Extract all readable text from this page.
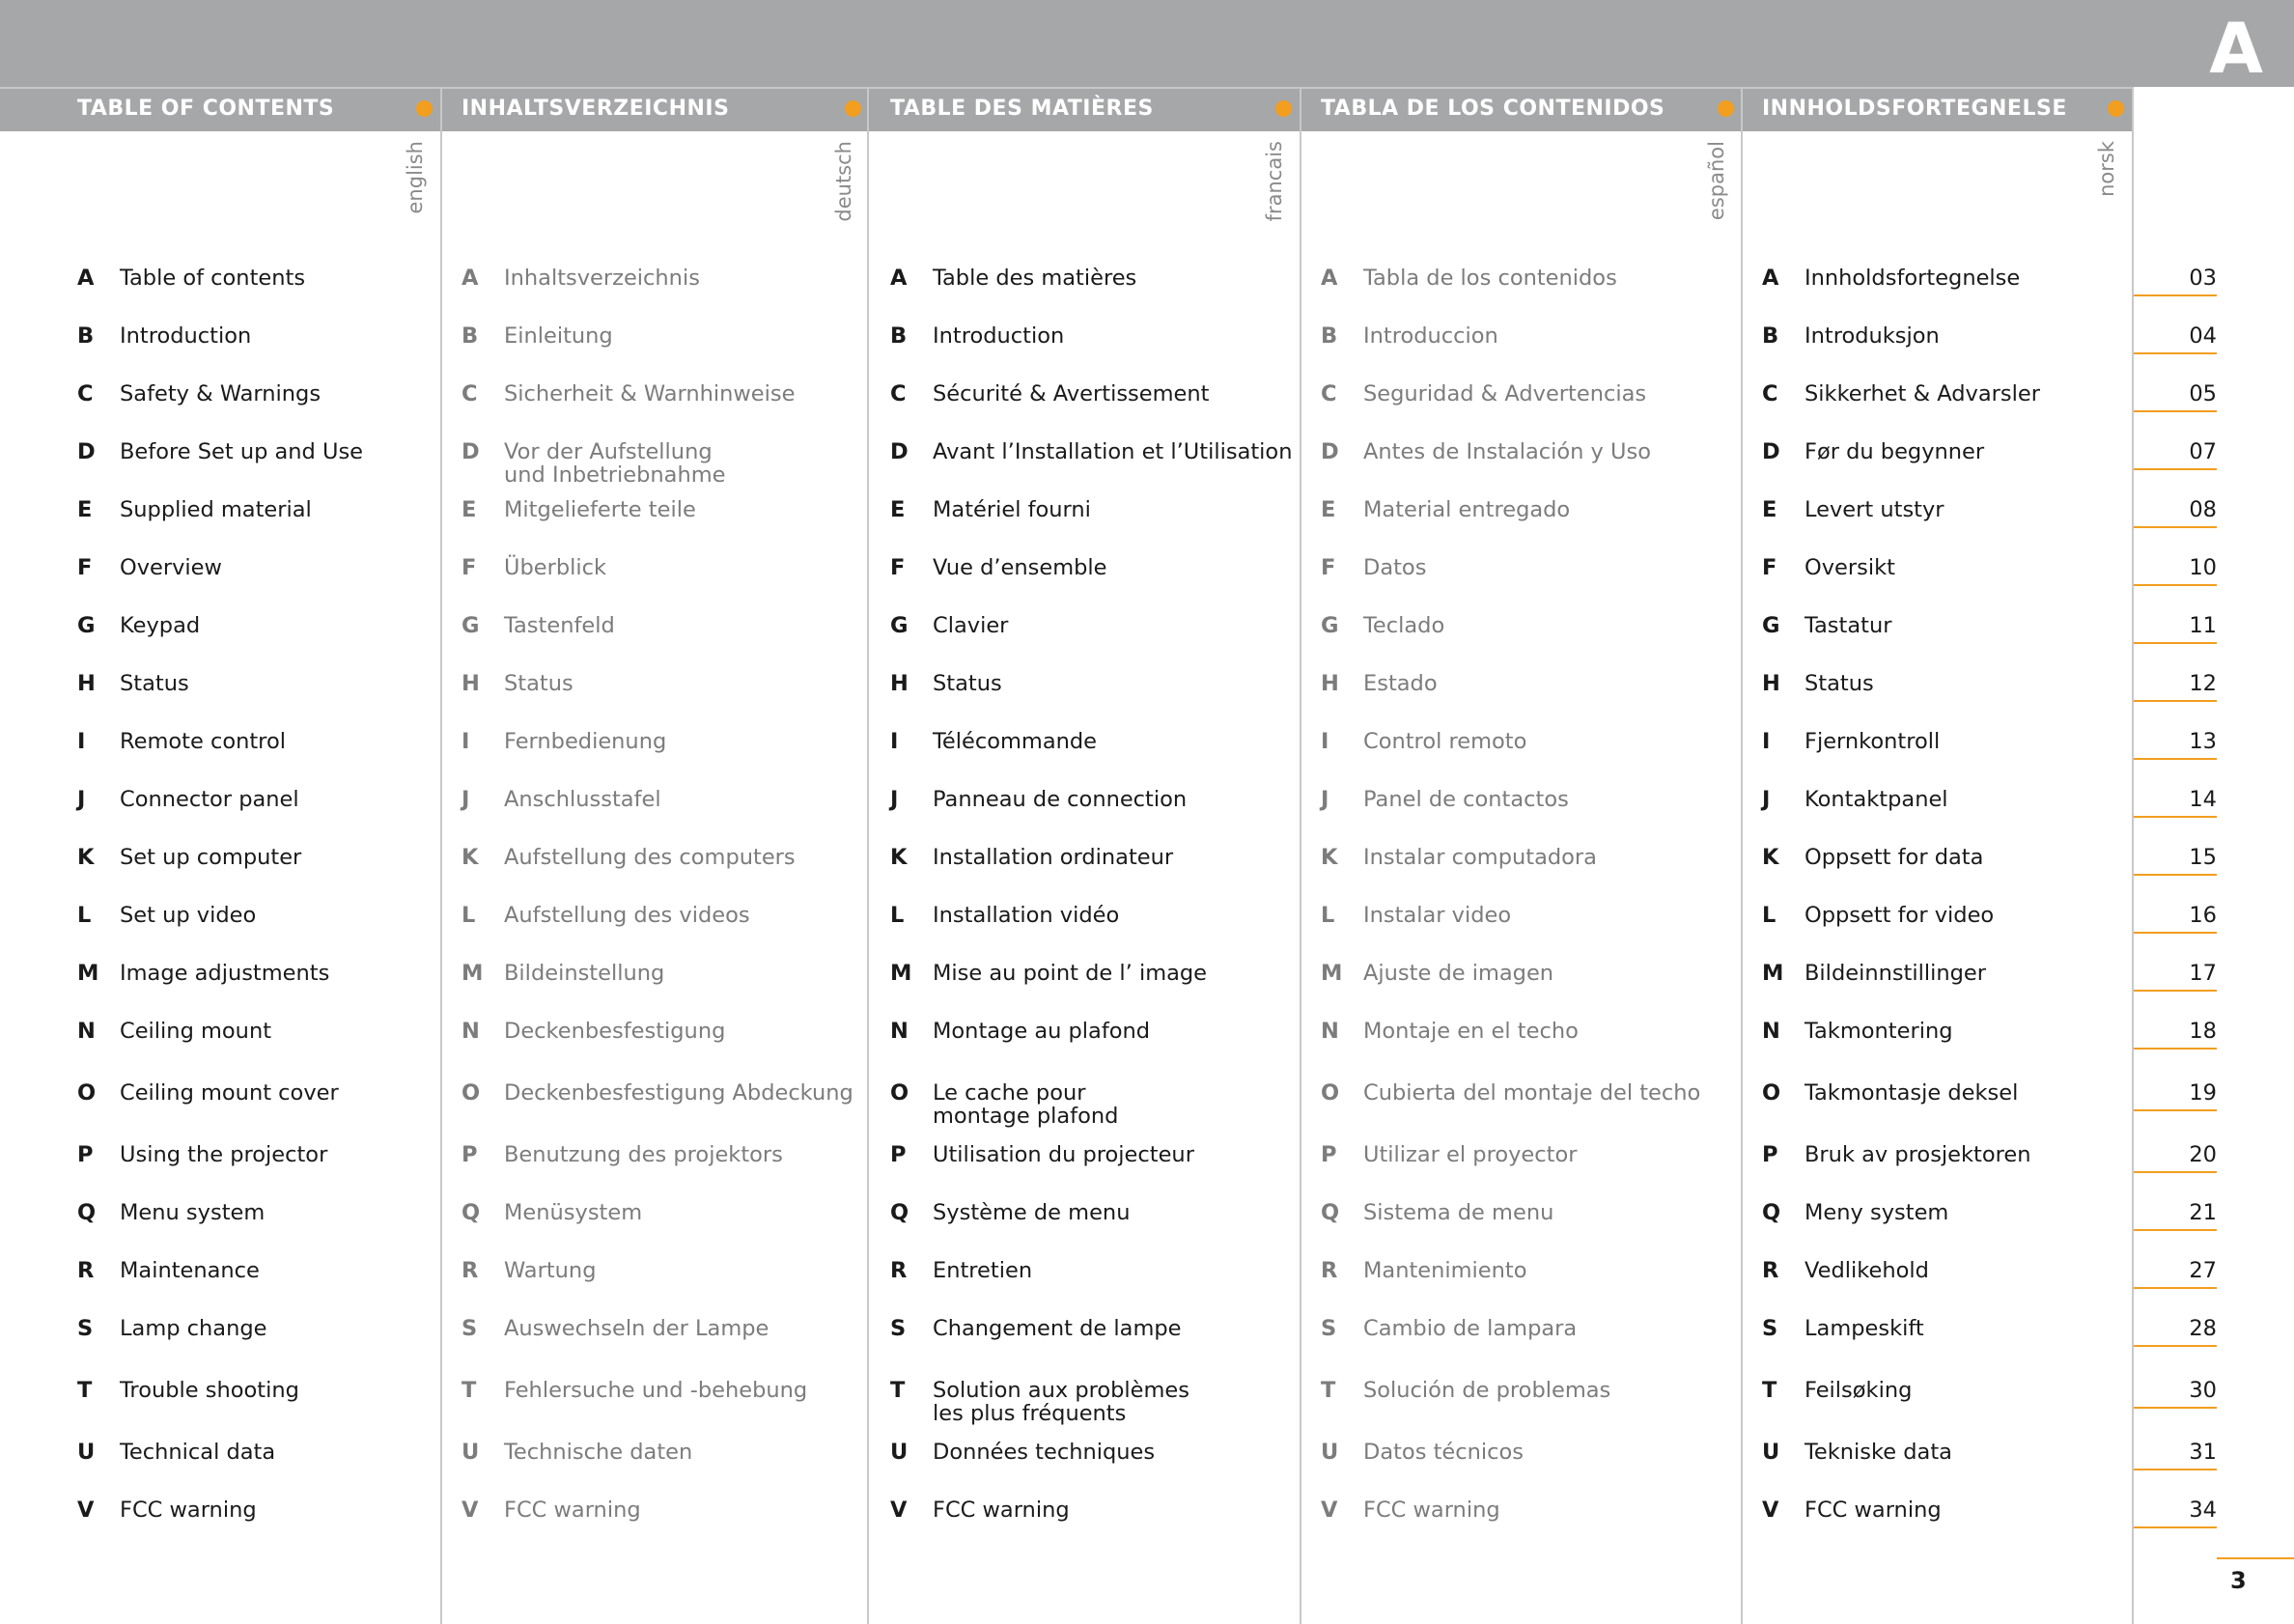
A
TABLE OF CONTENTS
english
INHALTSVERZEICHNIS
deutsch
TABLE DES MATIÈRES
francais
TABLA DE LOS CONTENIDOS
español
INNHOLDSFORTEGNELSE
norsk
A Table of contents
B Introduction
C Safety & Warnings
D Before Set up and Use
E Supplied material
F Overview
G Keypad
H Status
I Remote control
J Connector panel
K Set up computer
L Set up video
M Image adjustments
N Ceiling mount
O Ceiling mount cover
P Using the projector
Q Menu system
R Maintenance
S Lamp change
T Trouble shooting
U Technical data
V FCC warning
A Inhaltsverzeichnis
B Einleitung
C Sicherheit & Warnhinweise
D Vor der Aufstellung
und Inbetriebnahme
E Mitgelieferte teile
F Überblick
G Tastenfeld
H Status
I Fernbedienung
J Anschlusstafel
K Aufstellung des computers
L Aufstellung des videos
M Bildeinstellung
N Deckenbesfestigung
O Deckenbesfestigung Abdeckung
P Benutzung des projektors
Q Menüsystem
R Wartung
S Auswechseln der Lampe
T Fehlersuche und -behebung
U Technische daten
V FCC warning
A Table des matières
B Introduction
C Sécurité & Avertissement
D Avant l’Installation et l’Utilisation
E Matériel fourni
F Vue d’ensemble
G Clavier
H Status
I Télécommande
J Panneau de connection
K Installation ordinateur
L Installation vidéo
M Mise au point de l’ image
N Montage au plafond
O Le cache pour
montage plafond
P Utilisation du projecteur
Q Système de menu
R Entretien
S Changement de lampe
T Solution aux problèmes
les plus fréquents
U Données techniques
V FCC warning
A Tabla de los contenidos
B Introduccion
C Seguridad & Advertencias
D Antes de Instalación y Uso
E Material entregado
F Datos
G Teclado
H Estado
I Control remoto
J Panel de contactos
K Instalar computadora
L Instalar video
M Ajuste de imagen
N Montaje en el techo
O Cubierta del montaje del techo
P Utilizar el proyector
Q Sistema de menu
R Mantenimiento
S Cambio de lampara
T Solución de problemas
U Datos técnicos
V FCC warning
A Innholdsfortegnelse
B Introduksjon
C Sikkerhet & Advarsler
D Før du begynner
E Levert utstyr
F Oversikt
G Tastatur
H Status
I Fjernkontroll
J Kontaktpanel
K Oppsett for data
L Oppsett for video
M Bildeinnstillinger
N Takmontering
O Takmontasje deksel
P Bruk av prosjektoren
Q Meny system
R Vedlikehold
S Lampeskift
T Feilsøking
U Tekniske data
V FCC warning
03
04
05
07
08
10
11
12
13
14
15
16
17
18
19
20
21
27
28
30
31
34
3
